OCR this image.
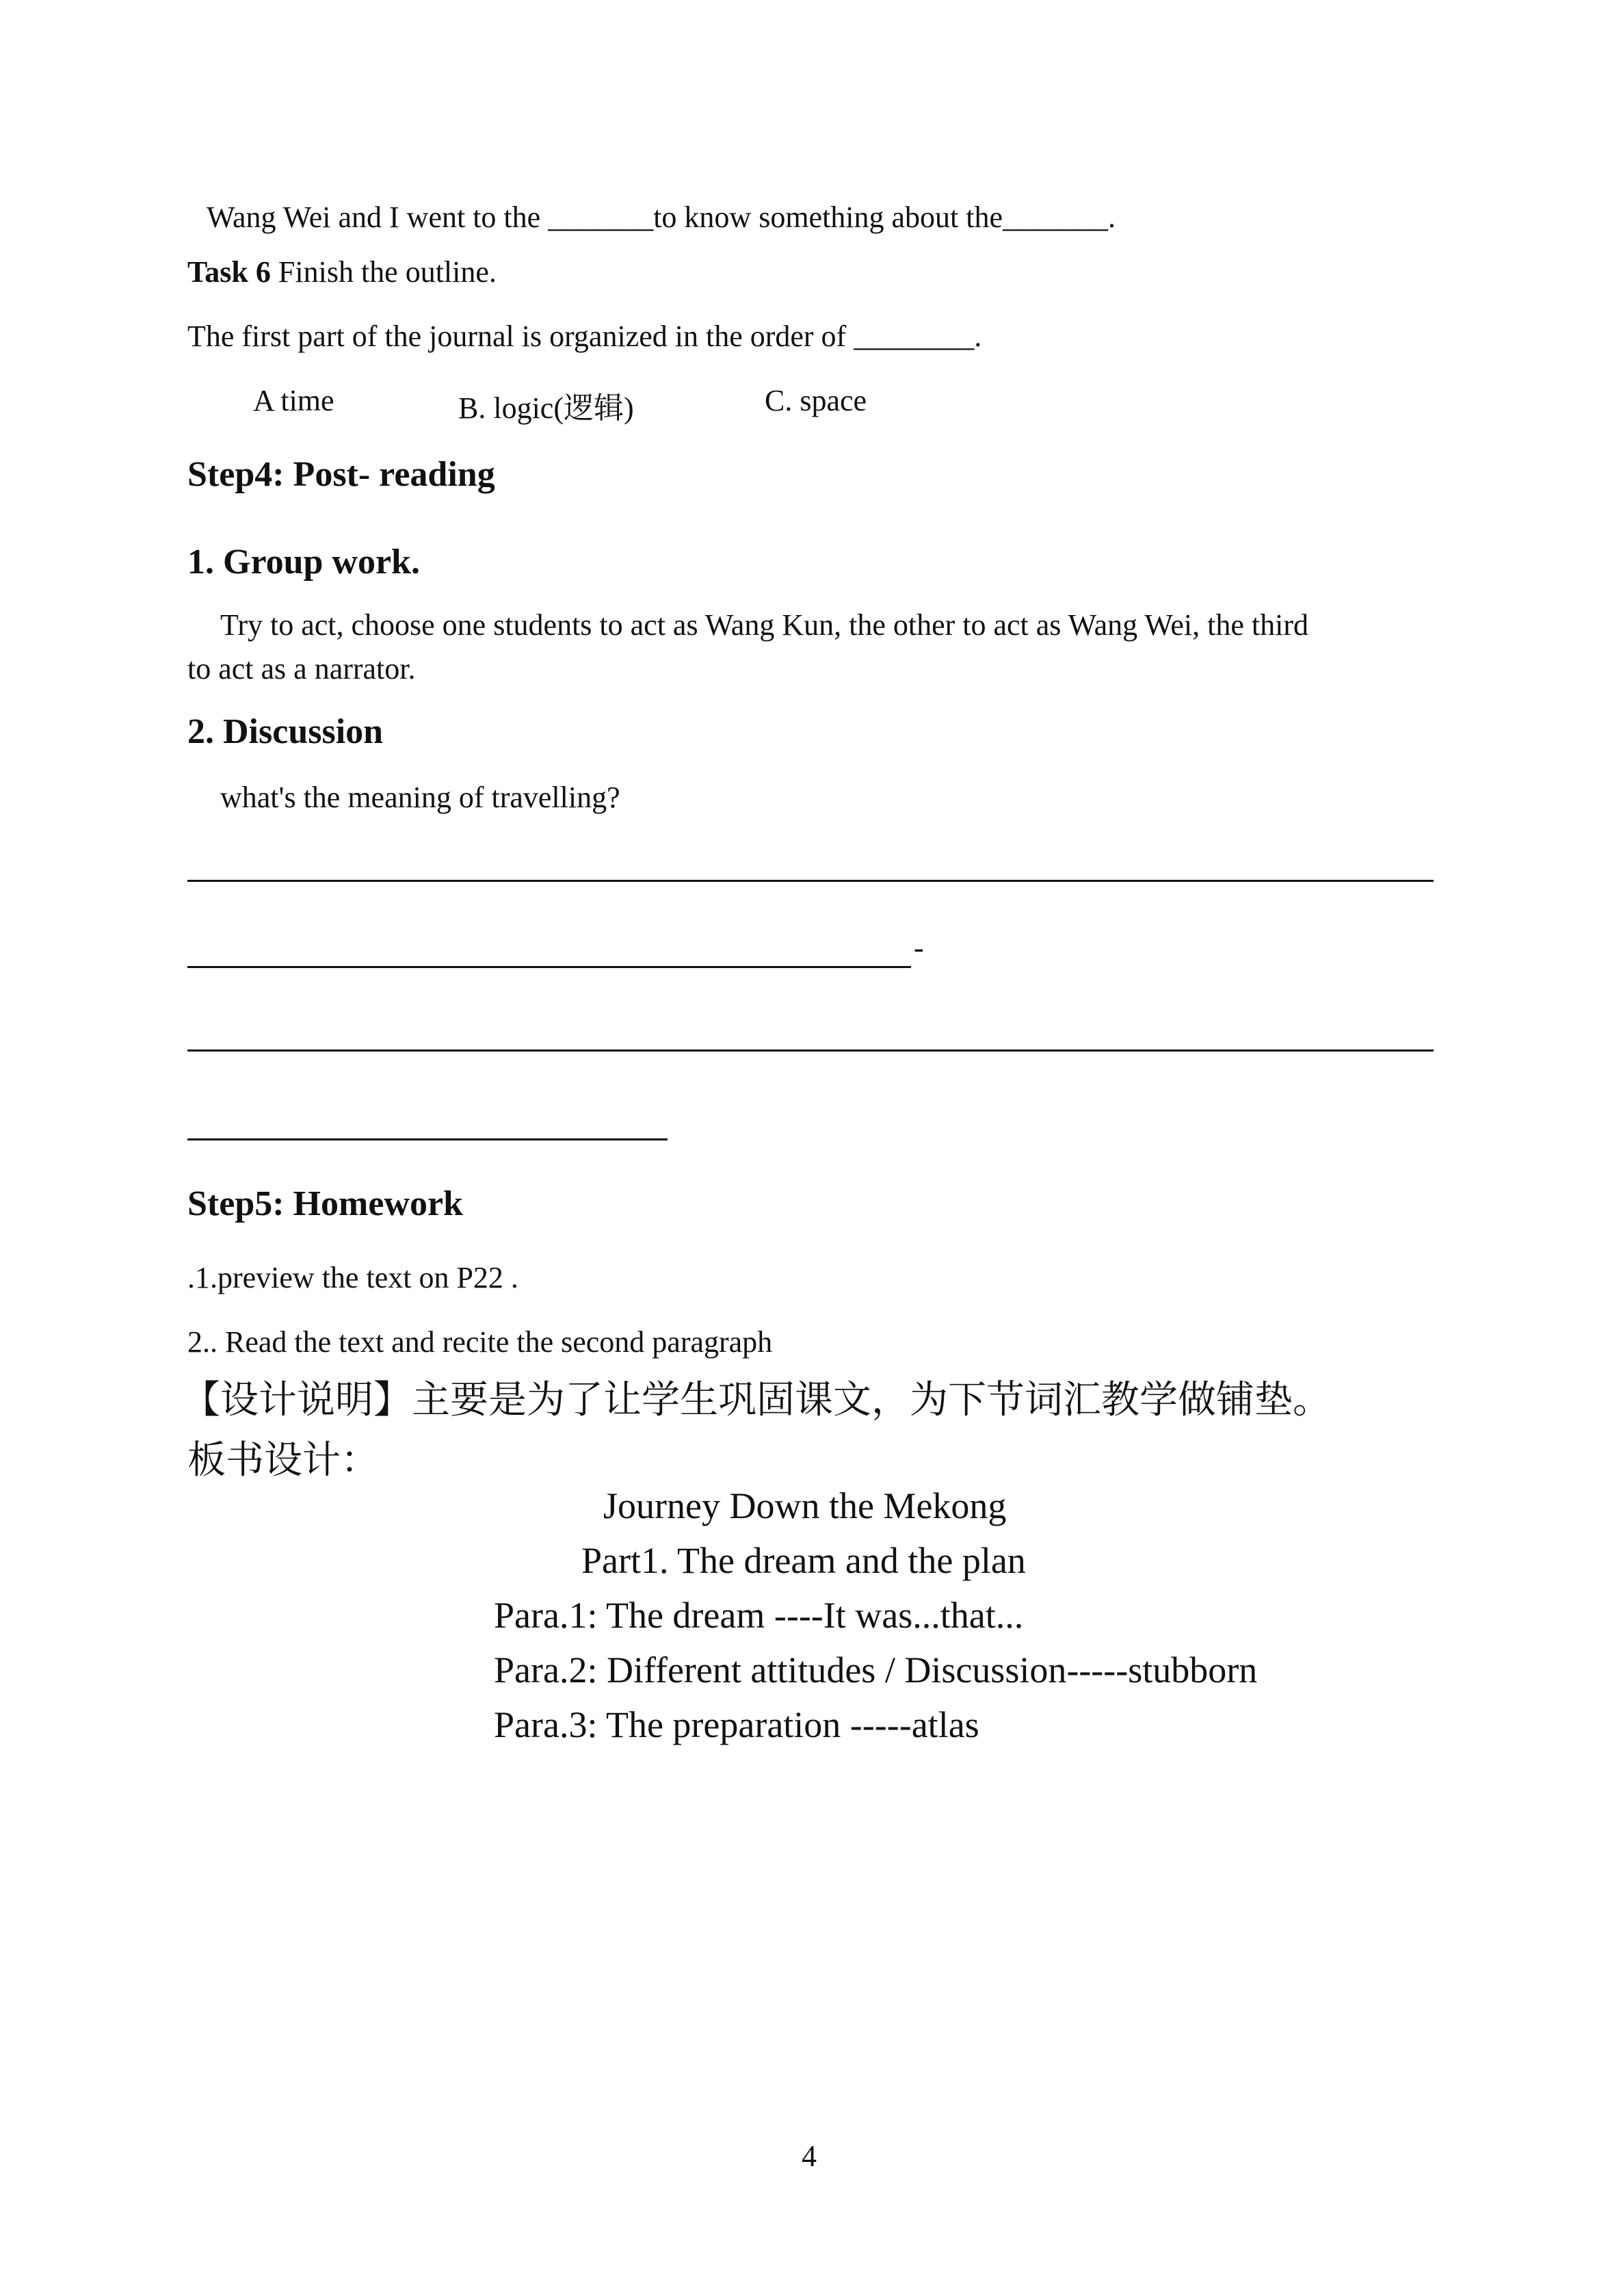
Wang Wei and I went to the _______to know something about the_______.
Task 6 Finish the outline.
The first part of the journal is organized in the order of ________.
A time	B. logic(逻辑)	C. space
Step4: Post- reading
1. Group work.
Try to act, choose one students to act as Wang Kun, the other to act as Wang Wei, the third
to act as a narrator.
2. Discussion
what's the meaning of travelling?
-
Step5: Homework
.1.preview the text on P22 .
2.. Read the text and recite the second paragraph
【设计说明】主要是为了让学生巩固课文，为下节词汇教学做铺垫。
板书设计：
Journey Down the Mekong
Part1. The dream and the plan
Para.1: The dream ----It was...that...
Para.2: Different attitudes / Discussion-----stubborn
Para.3: The preparation -----atlas
4
